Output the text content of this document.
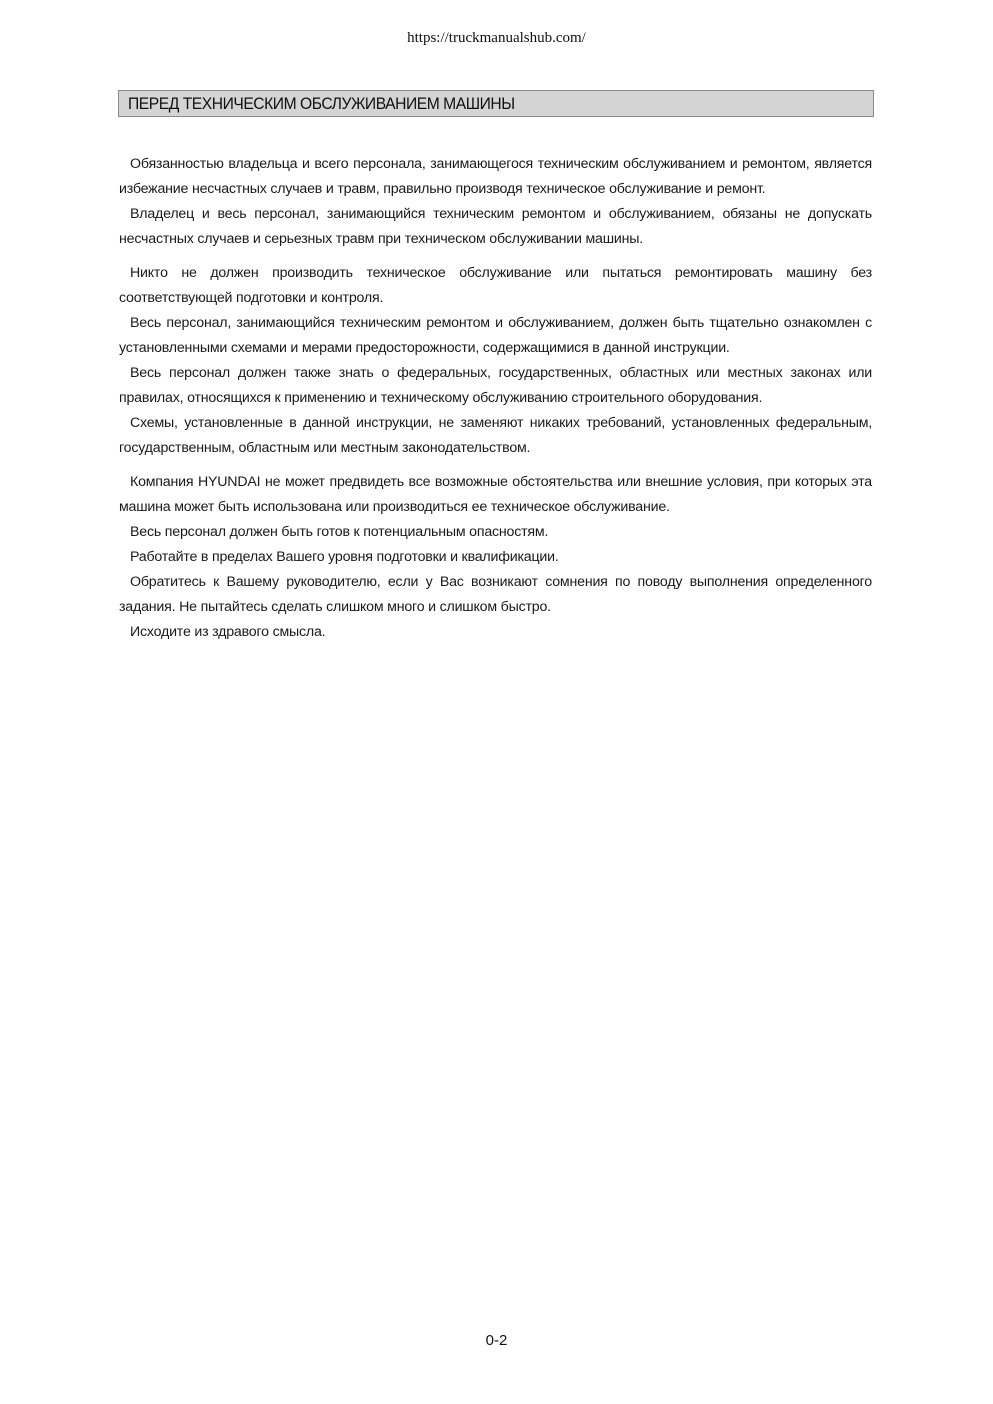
https://truckmanualshub.com/
ПЕРЕД ТЕХНИЧЕСКИМ ОБСЛУЖИВАНИЕМ МАШИНЫ

Обязанностью владельца и всего персонала, занимающегося техническим обслуживанием и ремонтом, является избежание несчастных случаев и травм, правильно производя техническое обслуживание и ремонт.

Владелец и весь персонал, занимающийся техническим ремонтом и обслуживанием, обязаны не допускать несчастных случаев и серьезных травм при техническом обслуживании машины.

Никто не должен производить техническое обслуживание или пытаться ремонтировать машину без соответствующей подготовки и контроля.

Весь персонал, занимающийся техническим ремонтом и обслуживанием, должен быть тщательно ознакомлен с установленными схемами и мерами предосторожности, содержащимися в данной инструкции.

Весь персонал должен также знать о федеральных, государственных, областных или местных законах или правилах, относящихся к применению и техническому обслуживанию строительного оборудования.

Схемы, установленные в данной инструкции, не заменяют никаких требований, установленных федеральным, государственным, областным или местным законодательством.

Компания HYUNDAI не может предвидеть все возможные обстоятельства или внешние условия, при которых эта машина может быть использована или производиться ее техническое обслуживание.

Весь персонал должен быть готов к потенциальным опасностям.

Работайте в пределах Вашего уровня подготовки и квалификации.

Обратитесь к Вашему руководителю, если у Вас возникают сомнения по поводу выполнения определенного задания. Не пытайтесь сделать слишком много и слишком быстро.

Исходите из здравого смысла.

0-2
